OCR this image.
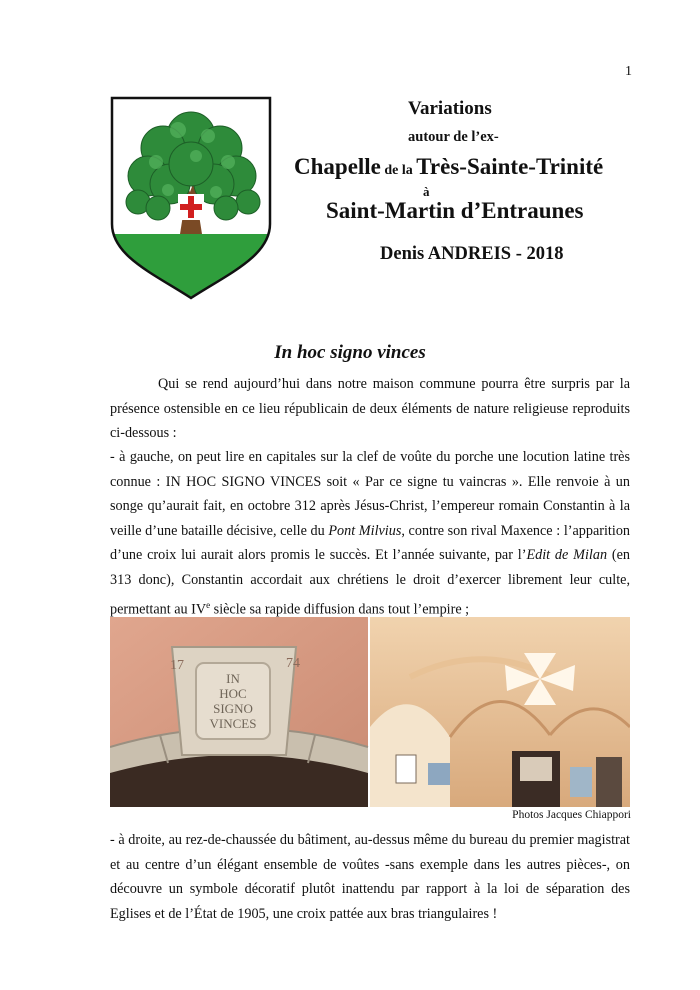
1
Variations
autour de l’ex-
Chapelle de la Très-Sainte-Trinité
à
Saint-Martin d’Entraunes
Denis ANDREIS - 2018
In hoc signo vinces

Qui se rend aujourd’hui dans notre maison commune pourra être surpris par la présence ostensible en ce lieu républicain de deux éléments de nature religieuse reproduits ci-dessous :

- à gauche, on peut lire en capitales sur la clef de voûte du porche une locution latine très connue : IN HOC SIGNO VINCES soit « Par ce signe tu vaincras ». Elle renvoie à un songe qu’aurait fait, en octobre 312 après Jésus-Christ, l’empereur romain Constantin à la veille d’une bataille décisive, celle du Pont Milvius, contre son rival Maxence : l’apparition d’une croix lui aurait alors promis le succès. Et l’année suivante, par l’Edit de Milan (en 313 donc), Constantin accordait aux chrétiens le droit d’exercer librement leur culte, permettant au IVe siècle sa rapide diffusion dans tout l’empire ;

17	74
IN
HOC
SIGNO
VINCES
Photos Jacques Chiappori

- à droite, au rez-de-chaussée du bâtiment, au-dessus même du bureau du premier magistrat et au centre d’un élégant ensemble de voûtes -sans exemple dans les autres pièces-, on découvre un symbole décoratif plutôt inattendu par rapport à la loi de séparation des Eglises et de l’État de 1905, une croix pattée aux bras triangulaires !
